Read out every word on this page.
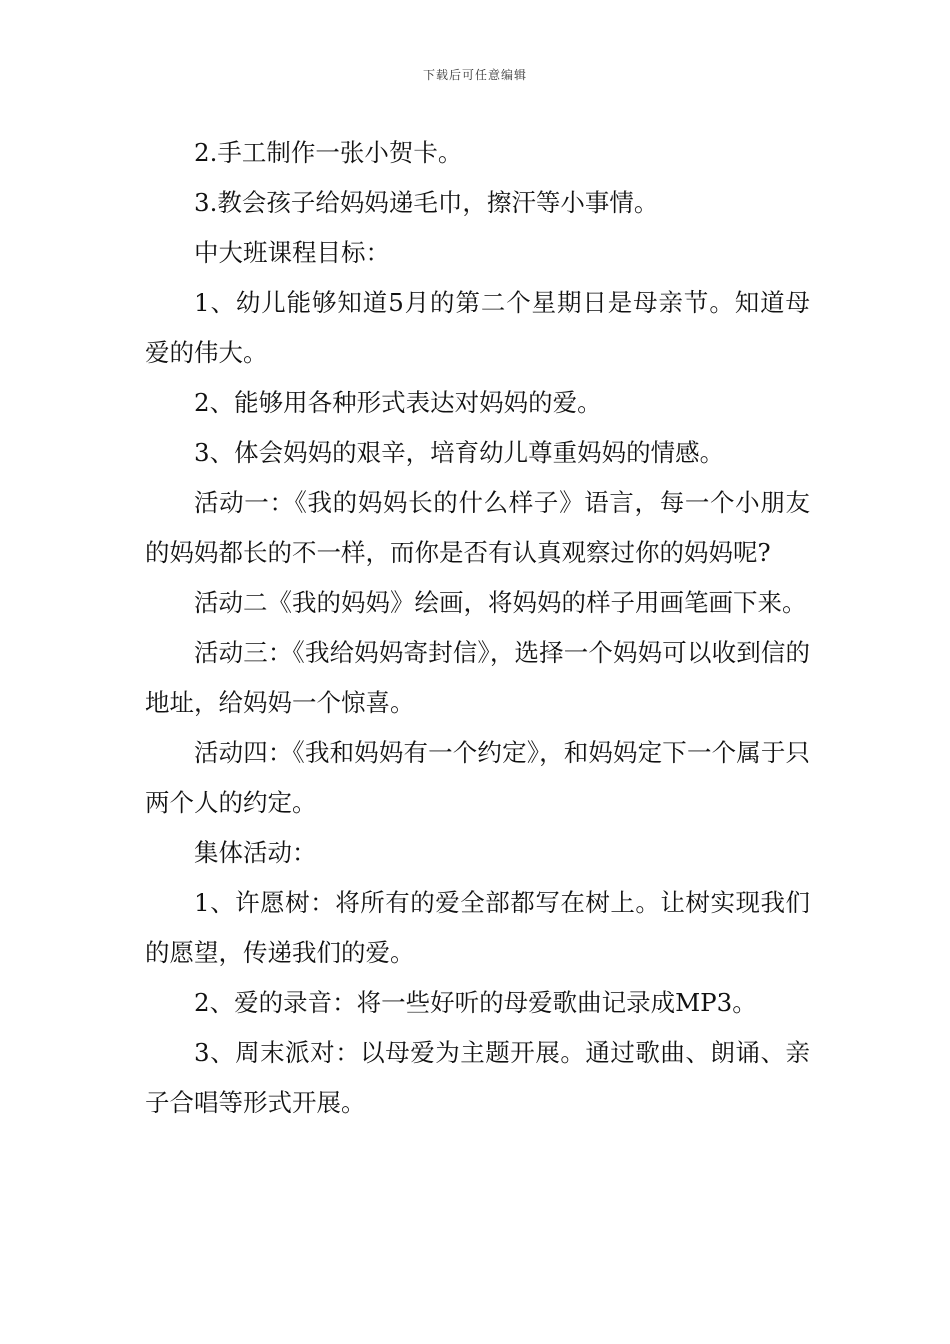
下载后可任意编辑

2.手工制作一张小贺卡。

3.教会孩子给妈妈递毛巾，擦汗等小事情。

中大班课程目标：

1、幼儿能够知道5月的第二个星期日是母亲节。知道母爱的伟大。

2、能够用各种形式表达对妈妈的爱。

3、体会妈妈的艰辛，培育幼儿尊重妈妈的情感。

活动一：《我的妈妈长的什么样子》语言，每一个小朋友的妈妈都长的不一样，而你是否有认真观察过你的妈妈呢?

活动二《我的妈妈》绘画，将妈妈的样子用画笔画下来。

活动三：《我给妈妈寄封信》，选择一个妈妈可以收到信的地址，给妈妈一个惊喜。

活动四：《我和妈妈有一个约定》，和妈妈定下一个属于只两个人的约定。

集体活动：

1、许愿树：将所有的爱全部都写在树上。让树实现我们的愿望，传递我们的爱。

2、爱的录音：将一些好听的母爱歌曲记录成MP3。

3、周末派对：以母爱为主题开展。通过歌曲、朗诵、亲子合唱等形式开展。
